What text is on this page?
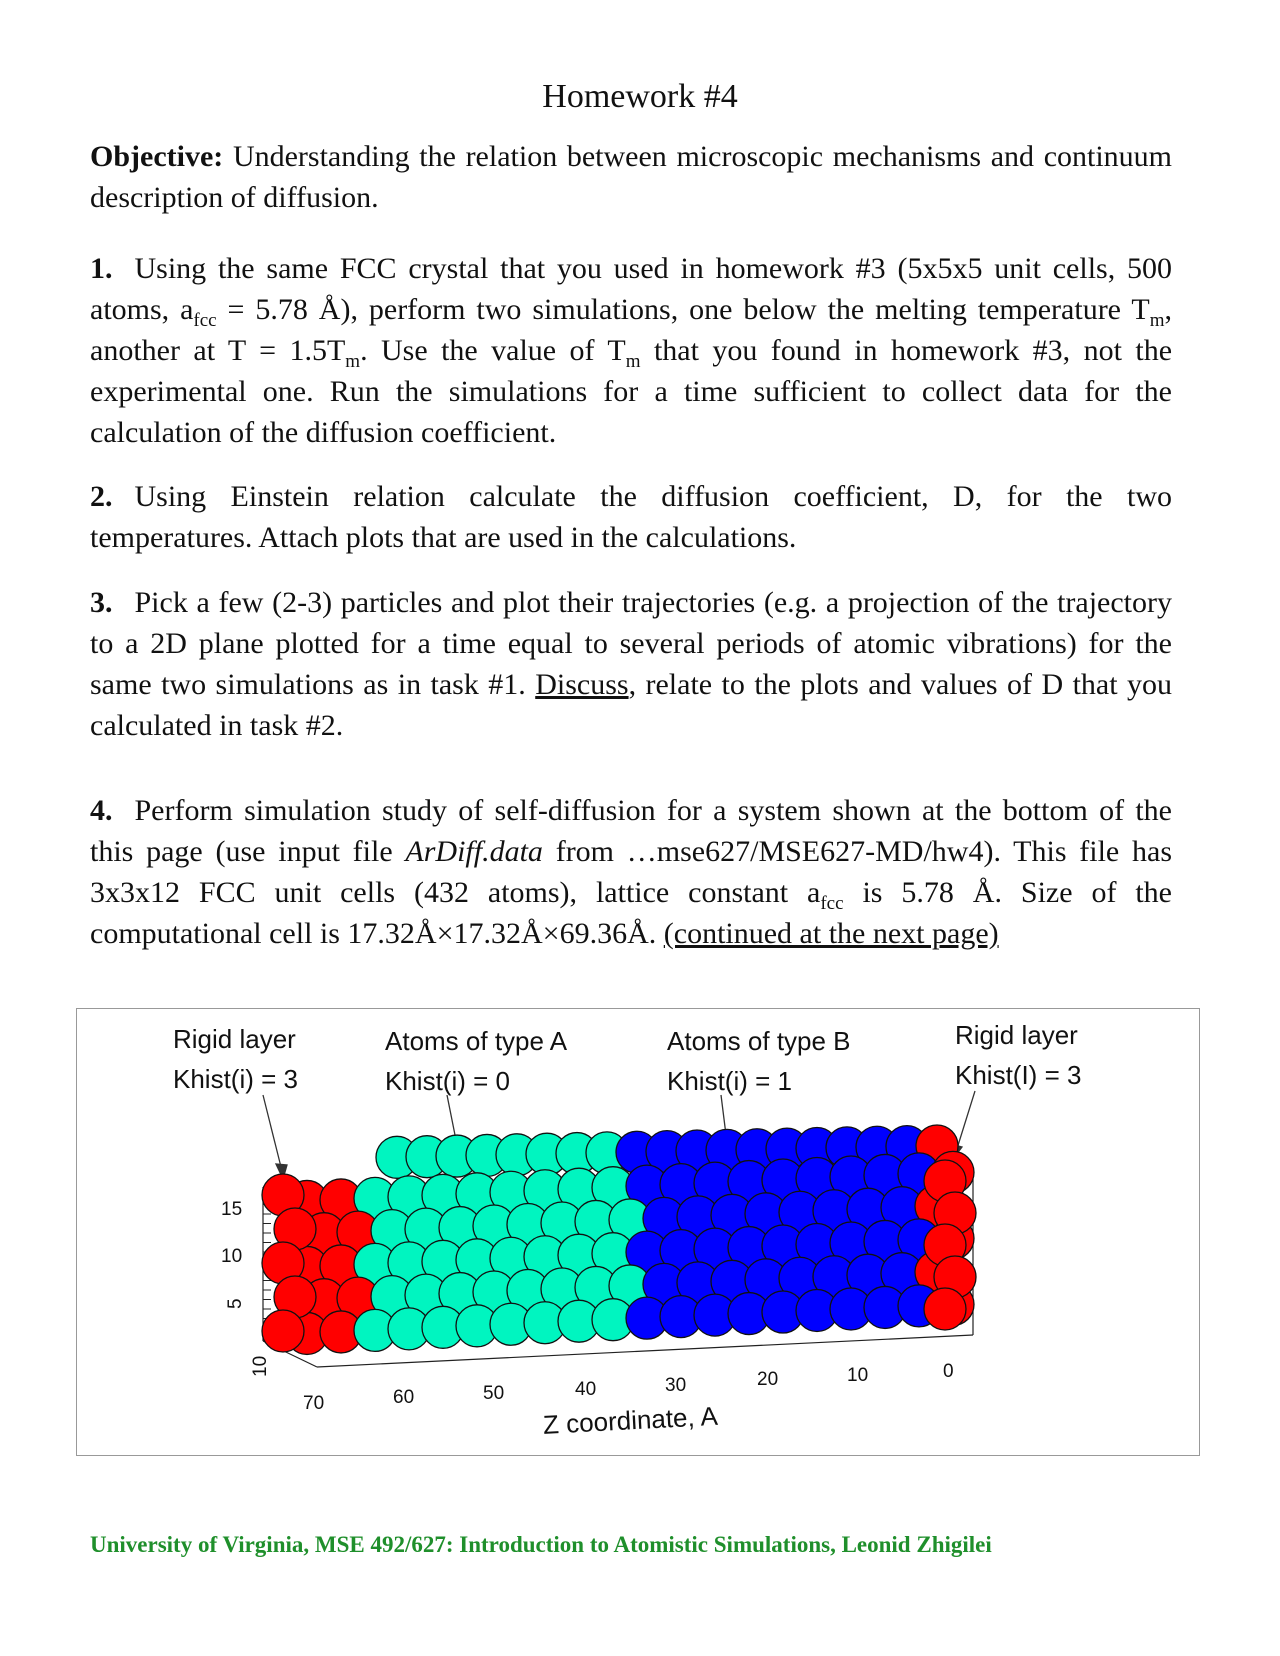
Homework #4
Objective: Understanding the relation between microscopic mechanisms and continuum description of diffusion.
1. Using the same FCC crystal that you used in homework #3 (5x5x5 unit cells, 500 atoms, $a_{fcc} = 5.78$ Å), perform two simulations, one below the melting temperature $T_m$, another at $T = 1.5T_m$. Use the value of $T_m$ that you found in homework #3, not the experimental one. Run the simulations for a time sufficient to collect data for the calculation of the diffusion coefficient.
2. Using Einstein relation calculate the diffusion coefficient, D, for the two temperatures. Attach plots that are used in the calculations.
3. Pick a few (2-3) particles and plot their trajectories (e.g. a projection of the trajectory to a 2D plane plotted for a time equal to several periods of atomic vibrations) for the same two simulations as in task #1. Discuss, relate to the plots and values of D that you calculated in task #2.
4. Perform simulation study of self-diffusion for a system shown at the bottom of the this page (use input file ArDiff.data from …mse627/MSE627-MD/hw4). This file has 3x3x12 FCC unit cells (432 atoms), lattice constant $a_{fcc}$ is 5.78 Å. Size of the computational cell is 17.32Å×17.32Å×69.36Å. (continued at the next page)
Rigid layer
Khist(i) = 3
Atoms of type A
Khist(i) = 0
Atoms of type B
Khist(i) = 1
Rigid layer
Khist(I) = 3
15
10
5
10
70	60	50	40	30	20	10	0
Z coordinate, A
University of Virginia, MSE 492/627: Introduction to Atomistic Simulations, Leonid Zhigilei
